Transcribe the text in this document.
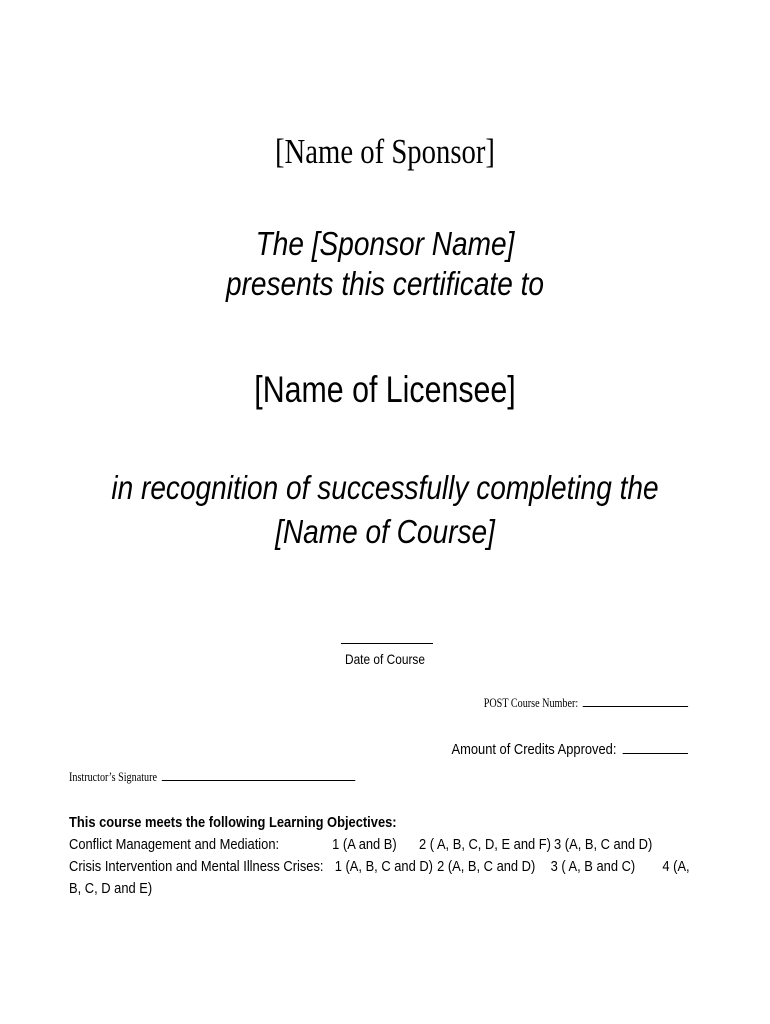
[Name of Sponsor]
The [Sponsor Name]
presents this certificate to
[Name of Licensee]
in recognition of successfully completing the
[Name of Course]
Date of Course
POST Course Number:
Amount of Credits Approved:
Instructor’s Signature
This course meets the following Learning Objectives:
Conflict Management and Mediation:	1 (A and B) 2 ( A, B, C, D, E and F) 3 (A, B, C and D)
Crisis Intervention and Mental Illness Crises: 1 (A, B, C and D) 2 (A, B, C and D) 3 ( A, B and C) 4 (A,
B, C, D and E)
